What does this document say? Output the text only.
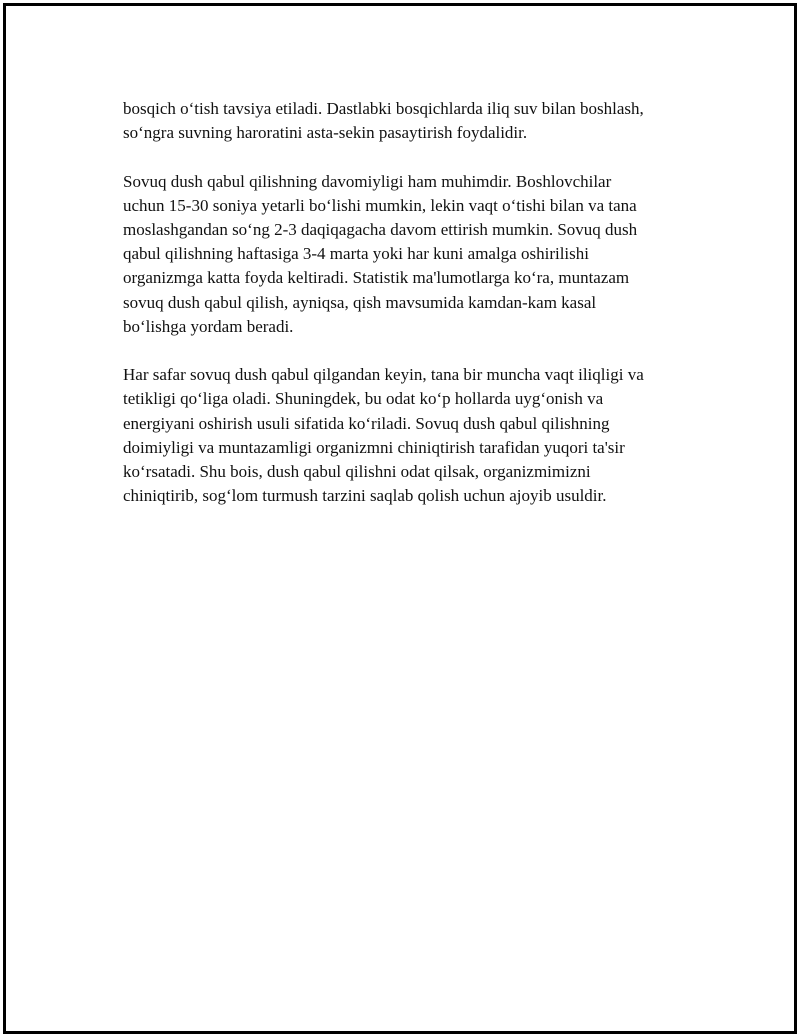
bosqich o‘tish tavsiya etiladi. Dastlabki bosqichlarda iliq suv bilan boshlash,
so‘ngra suvning haroratini asta-sekin pasaytirish foydalidir.

Sovuq dush qabul qilishning davomiyligi ham muhimdir. Boshlovchilar
uchun 15-30 soniya yetarli bo‘lishi mumkin, lekin vaqt o‘tishi bilan va tana
moslashgandan so‘ng 2-3 daqiqagacha davom ettirish mumkin. Sovuq dush
qabul qilishning haftasiga 3-4 marta yoki har kuni amalga oshirilishi
organizmga katta foyda keltiradi. Statistik ma'lumotlarga ko‘ra, muntazam
sovuq dush qabul qilish, ayniqsa, qish mavsumida kamdan-kam kasal
bo‘lishga yordam beradi.

Har safar sovuq dush qabul qilgandan keyin, tana bir muncha vaqt iliqligi va
tetikligi qo‘liga oladi. Shuningdek, bu odat ko‘p hollarda uyg‘onish va
energiyani oshirish usuli sifatida ko‘riladi. Sovuq dush qabul qilishning
doimiyligi va muntazamligi organizmni chiniqtirish tarafidan yuqori ta'sir
ko‘rsatadi. Shu bois, dush qabul qilishni odat qilsak, organizmimizni
chiniqtirib, sog‘lom turmush tarzini saqlab qolish uchun ajoyib usuldir.
